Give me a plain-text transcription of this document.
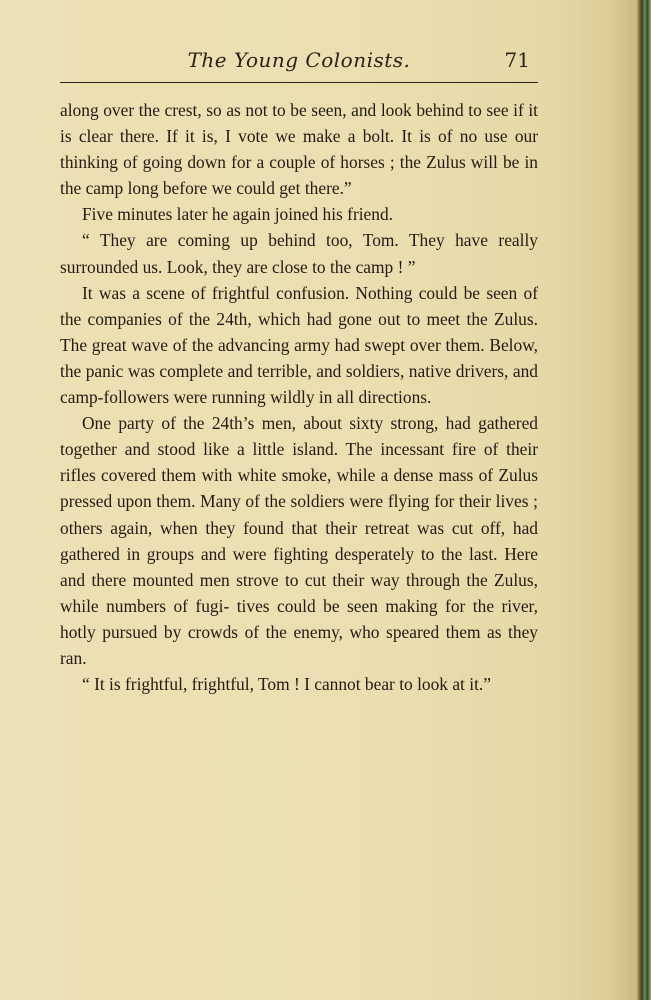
The Young Colonists.	71

along over the crest, so as not to be seen, and look behind to see if it is clear there. If it is, I vote we make a bolt. It is of no use our thinking of going down for a couple of horses ; the Zulus will be in the camp long before we could get there.”

Five minutes later he again joined his friend.

“ They are coming up behind too, Tom. They have really surrounded us. Look, they are close to the camp ! ”

It was a scene of frightful confusion. Nothing could be seen of the companies of the 24th, which had gone out to meet the Zulus. The great wave of the advancing army had swept over them. Below, the panic was complete and terrible, and soldiers, native drivers, and camp-followers were running wildly in all directions.

One party of the 24th’s men, about sixty strong, had gathered together and stood like a little island. The incessant fire of their rifles covered them with white smoke, while a dense mass of Zulus pressed upon them. Many of the soldiers were flying for their lives ; others again, when they found that their retreat was cut off, had gathered in groups and were fighting desperately to the last. Here and there mounted men strove to cut their way through the Zulus, while numbers of fugi- tives could be seen making for the river, hotly pursued by crowds of the enemy, who speared them as they ran.

“ It is frightful, frightful, Tom ! I cannot bear to look at it.”
